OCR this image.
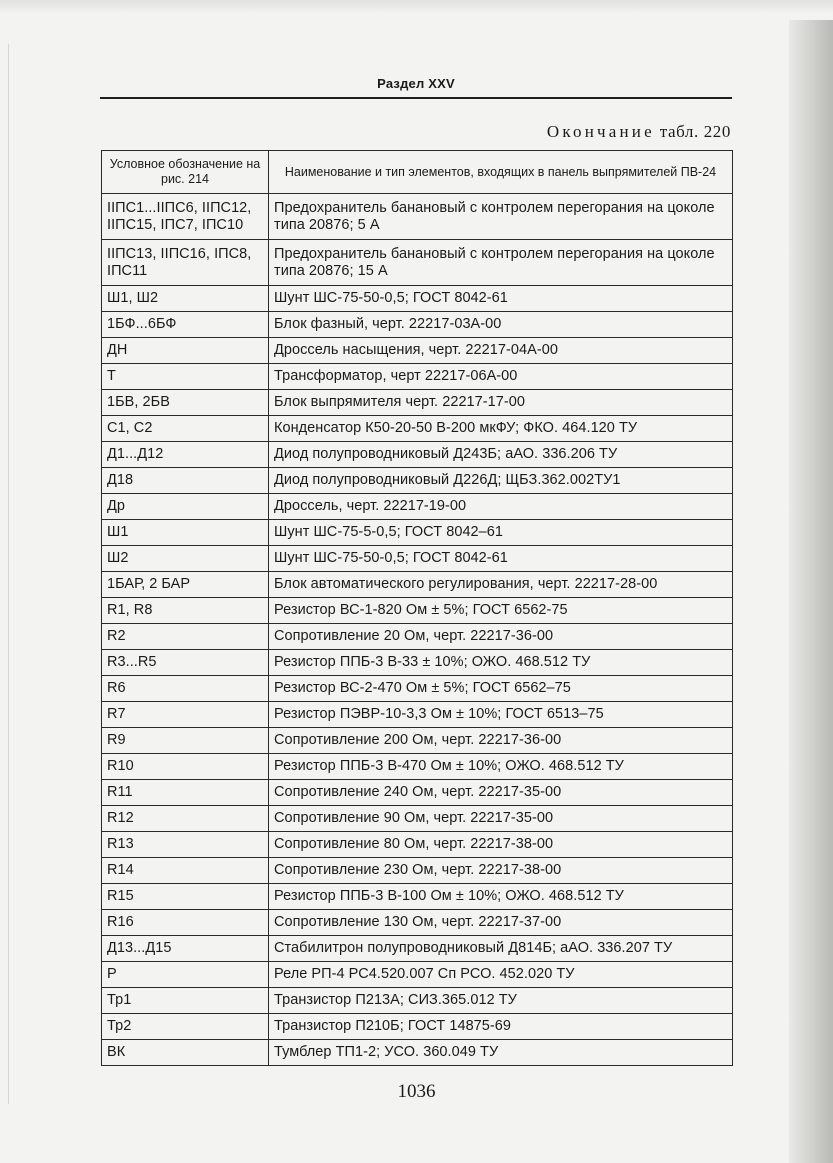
Раздел XXV
Окончание табл. 220
Условное обозначение на рис. 214	Наименование и тип элементов, входящих в панель выпрямителей ПВ-24
IIПС1...IIПС6, IIПС12, IIПС15, IПС7, IПС10	Предохранитель банановый с контролем перегорания на цоколе типа 20876; 5 А
IIПС13, IIПС16, IПС8, IПС11	Предохранитель банановый с контролем перегорания на цоколе типа 20876; 15 А
Ш1, Ш2	Шунт ШС-75-50-0,5; ГОСТ 8042-61
1БФ...6БФ	Блок фазный, черт. 22217-03А-00
ДН	Дроссель насыщения, черт. 22217-04А-00
Т	Трансформатор, черт 22217-06А-00
1БВ, 2БВ	Блок выпрямителя черт. 22217-17-00
С1, С2	Конденсатор К50-20-50 В-200 мкФУ; ФКО. 464.120 ТУ
Д1...Д12	Диод полупроводниковый Д243Б; аАО. 336.206 ТУ
Д18	Диод полупроводниковый Д226Д; ЩБЗ.362.002ТУ1
Др	Дроссель, черт. 22217-19-00
Ш1	Шунт ШС-75-5-0,5; ГОСТ 8042–61
Ш2	Шунт ШС-75-50-0,5; ГОСТ 8042-61
1БАР, 2 БАР	Блок автоматического регулирования, черт. 22217-28-00
R1, R8	Резистор ВС-1-820 Ом ± 5%; ГОСТ 6562-75
R2	Сопротивление 20 Ом, черт. 22217-36-00
R3...R5	Резистор ППБ-3 В-33 ± 10%; ОЖО. 468.512 ТУ
R6	Резистор ВС-2-470 Ом ± 5%; ГОСТ 6562–75
R7	Резистор ПЭВР-10-3,3 Ом ± 10%; ГОСТ 6513–75
R9	Сопротивление 200 Ом, черт. 22217-36-00
R10	Резистор ППБ-3 В-470 Ом ± 10%; ОЖО. 468.512 ТУ
R11	Сопротивление 240 Ом, черт. 22217-35-00
R12	Сопротивление 90 Ом, черт. 22217-35-00
R13	Сопротивление 80 Ом, черт. 22217-38-00
R14	Сопротивление 230 Ом, черт. 22217-38-00
R15	Резистор ППБ-3 В-100 Ом ± 10%; ОЖО. 468.512 ТУ
R16	Сопротивление 130 Ом, черт. 22217-37-00
Д13...Д15	Стабилитрон полупроводниковый Д814Б; аАО. 336.207 ТУ
Р	Реле РП-4 РС4.520.007 Сп РСО. 452.020 ТУ
Тр1	Транзистор П213А; СИЗ.365.012 ТУ
Тр2	Транзистор П210Б; ГОСТ 14875-69
ВК	Тумблер ТП1-2; УСО. 360.049 ТУ
1036
